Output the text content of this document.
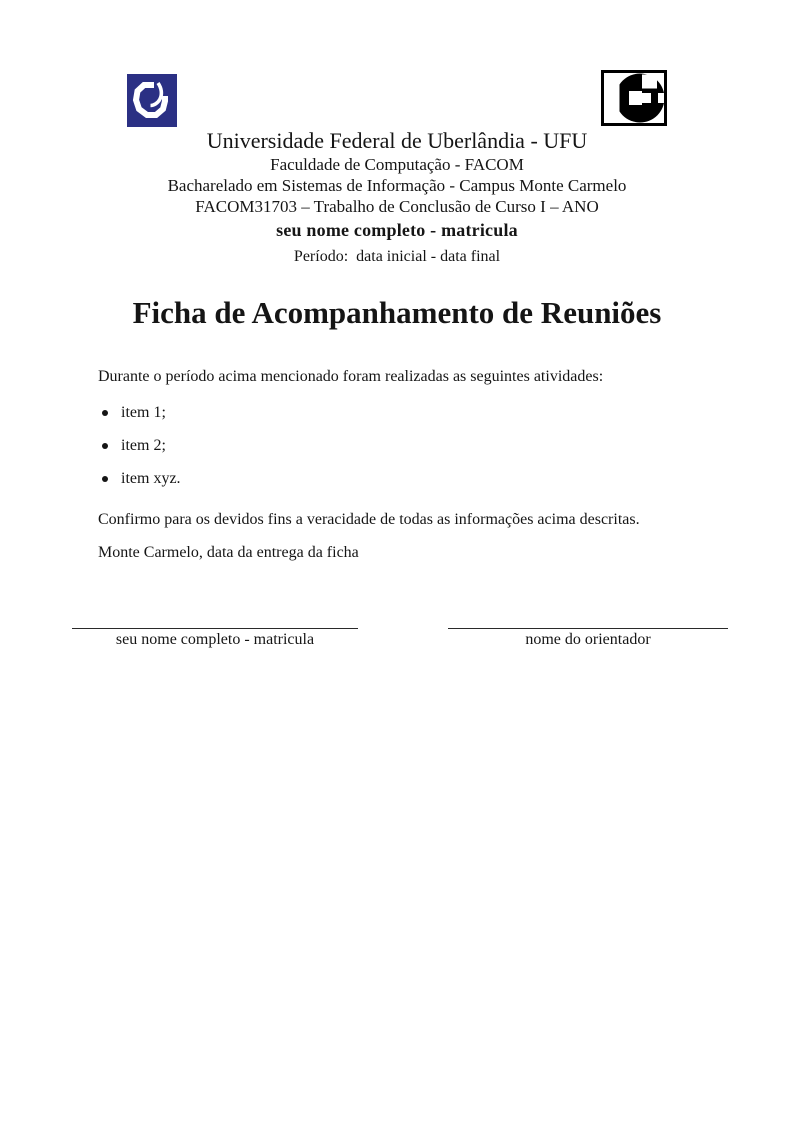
Universidade Federal de Uberlândia - UFU
Faculdade de Computação - FACOM
Bacharelado em Sistemas de Informação - Campus Monte Carmelo
FACOM31703 – Trabalho de Conclusão de Curso I – ANO
seu nome completo - matricula
Período:  data inicial - data final
Ficha de Acompanhamento de Reuniões
Durante o período acima mencionado foram realizadas as seguintes atividades:
item 1;
item 2;
item xyz.
Confirmo para os devidos fins a veracidade de todas as informações acima descritas.
Monte Carmelo, data da entrega da ficha
seu nome completo - matricula	nome do orientador
